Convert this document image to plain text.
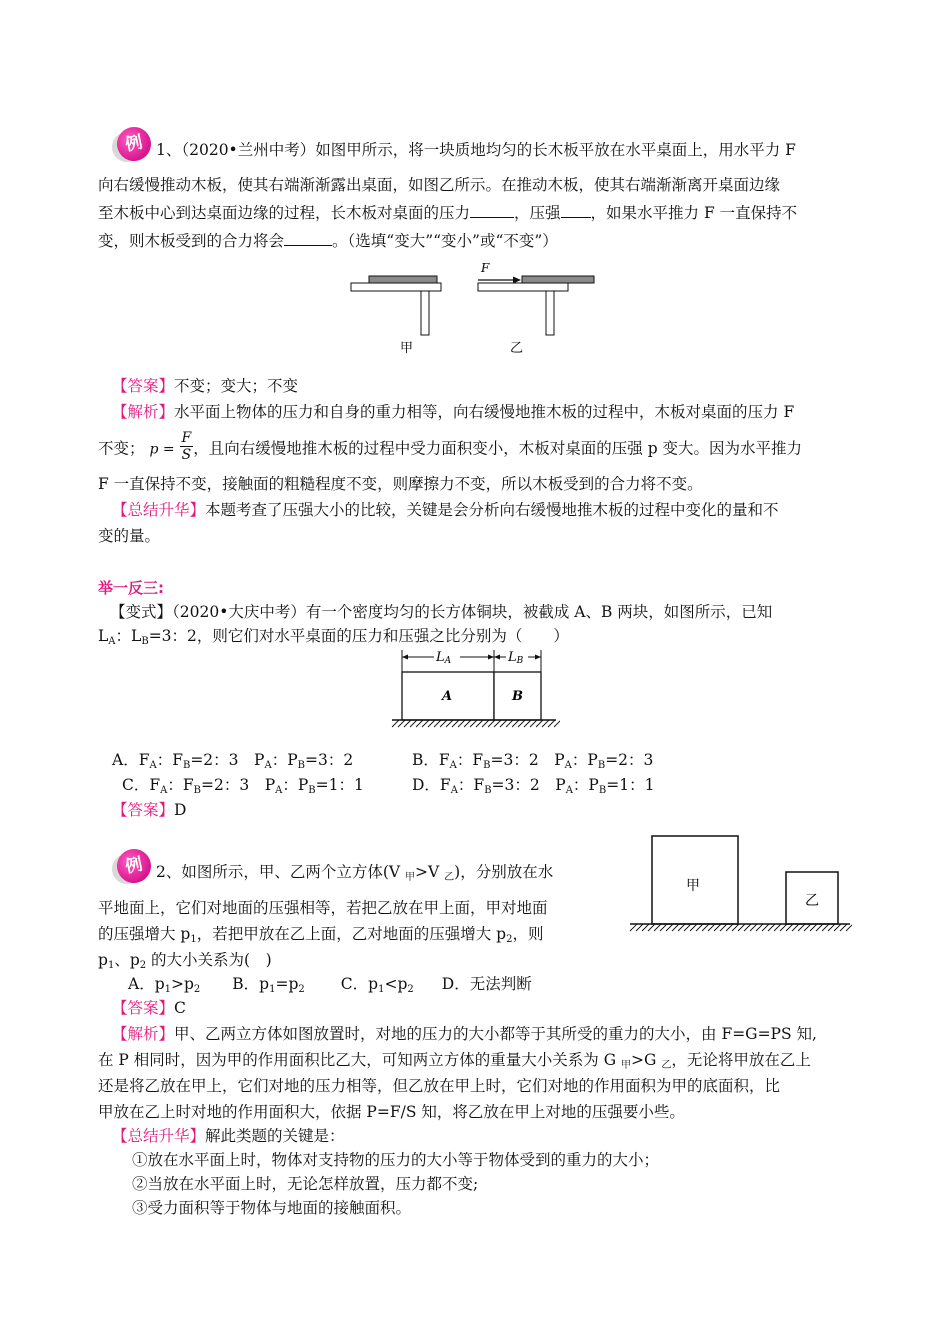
例 1、（2020•兰州中考）如图甲所示，将一块质地均匀的长木板平放在水平桌面上，用水平力 F
向右缓慢推动木板，使其右端渐渐露出桌面，如图乙所示。在推动木板，使其右端渐渐离开桌面边缘
至木板中心到达桌面边缘的过程，长木板对桌面的压力	，压强 ，如果水平推力 F 一直保持不
变，则木板受到的合力将会	。（选填“变大”“变小”或“不变”）
甲
F
乙
【答案】不变；变大；不变
【解析】水平面上物体的压力和自身的重力相等，向右缓慢地推木板的过程中，木板对桌面的压力 F
不变； $p = \frac{F}{S}$ ，且向右缓慢地推木板的过程中受力面积变小，木板对桌面的压强 p 变大。因为水平推力
F 一直保持不变，接触面的粗糙程度不变，则摩擦力不变，所以木板受到的合力将不变。
【总结升华】本题考查了压强大小的比较，关键是会分析向右缓慢地推木板的过程中变化的量和不
变的量。
举一反三:
【变式】（2020•大庆中考）有一个密度均匀的长方体铜块，被截成 A、B 两块，如图所示，已知
$L_A$：$L_B=3$：2，则它们对水平桌面的压力和压强之比分别为（　　）
LA	LB
A	B
A．$F_A$：$F_B=2$：3　$P_A$：$P_B=3$：2	B．$F_A$：$F_B=3$：2　$P_A$：$P_B=2$：3
C．$F_A$：$F_B=2$：3　$P_A$：$P_B=1$：1	D．$F_A$：$F_B=3$：2　$P_A$：$P_B=1$：1
【答案】D
例 2、如图所示，甲、乙两个立方体(V $_甲$>V $_乙$)，分别放在水
平地面上，它们对地面的压强相等，若把乙放在甲上面，甲对地面
的压强增大 $p_1$，若把甲放在乙上面，乙对地面的压强增大 $p_2$，则
$p_1$、$p_2$ 的大小关系为(　)
A．$p_1>p_2$ B．$p_1=p_2$ C．$p_1<p_2$ D．无法判断
甲
乙
【答案】C
【解析】甲、乙两立方体如图放置时，对地的压力的大小都等于其所受的重力的大小，由 F=G=PS 知,
在 P 相同时，因为甲的作用面积比乙大，可知两立方体的重量大小关系为 G $_甲$>G $_乙$，无论将甲放在乙上
还是将乙放在甲上，它们对地的压力相等，但乙放在甲上时，它们对地的作用面积为甲的底面积，比
甲放在乙上时对地的作用面积大，依据 P=F/S 知，将乙放在甲上对地的压强要小些。
【总结升华】解此类题的关键是：
①放在水平面上时，物体对支持物的压力的大小等于物体受到的重力的大小；
②当放在水平面上时，无论怎样放置，压力都不变;
③受力面积等于物体与地面的接触面积。
